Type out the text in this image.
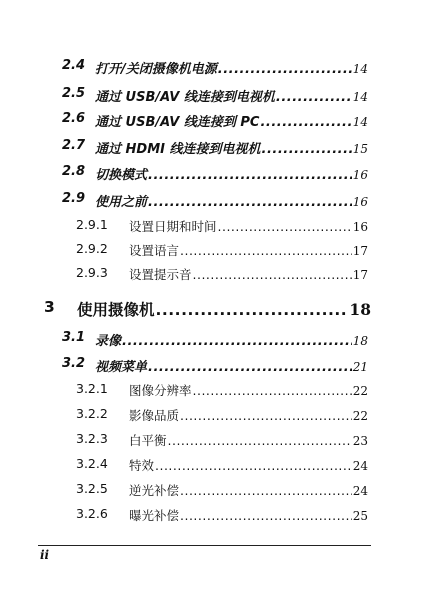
2.4 打开/关闭摄像机电源 .....	14
2.5 通过 USB/AV 线连接到电视机 .....	14
2.6 通过 USB/AV 线连接到 PC .....	14
2.7 通过 HDMI 线连接到电视机 .....	15
2.8 切换模式 .....	16
2.9 使用之前 .....	16
2.9.1 设置日期和时间 .....	16
2.9.2 设置语言 .....	17
2.9.3 设置提示音 .....	17
3 使用摄像机 .....	18
3.1 录像 .....	18
3.2 视频菜单 .....	21
3.2.1 图像分辨率 .....	22
3.2.2 影像品质 .....	22
3.2.3 白平衡 .....	23
3.2.4 特效 .....	24
3.2.5 逆光补偿 .....	24
3.2.6 曝光补偿 .....	25
ii
